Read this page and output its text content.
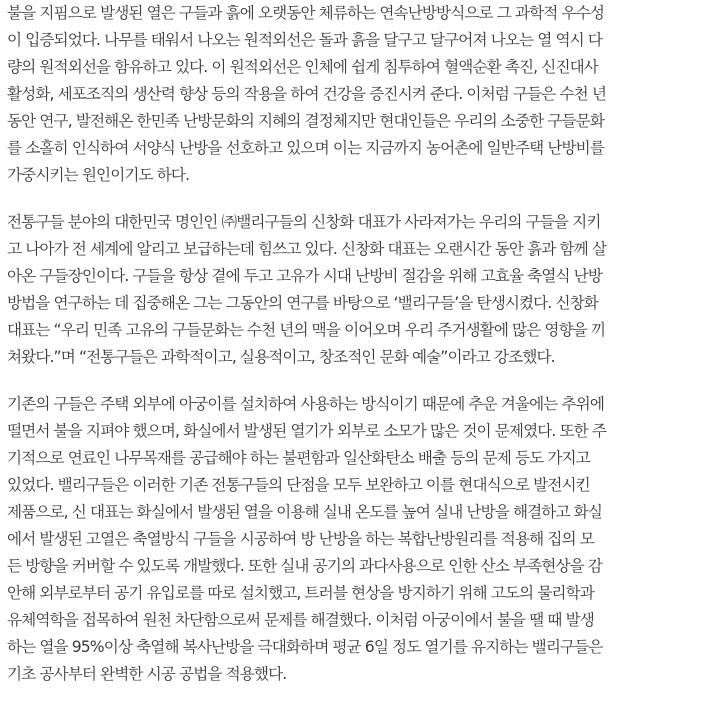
불을 지핌으로 발생된 열은 구들과 흙에 오랫동안 체류하는 연속난방방식으로 그 과학적 우수성
이 입증되었다. 나무를 태워서 나오는 원적외선은 돌과 흙을 달구고 달구어져 나오는 열 역시 다
량의 원적외선을 함유하고 있다. 이 원적외선은 인체에 쉽게 침투하여 혈액순환 촉진, 신진대사
활성화, 세포조직의 생산력 향상 등의 작용을 하여 건강을 증진시켜 준다. 이처럼 구들은 수천 년
동안 연구, 발전해온 한민족 난방문화의 지혜의 결정체지만 현대인들은 우리의 소중한 구들문화
를 소홀히 인식하여 서양식 난방을 선호하고 있으며 이는 지금까지 농어촌에 일반주택 난방비를
가중시키는 원인이기도 하다.
전통구들 분야의 대한민국 명인인 ㈜밸리구들의 신창화 대표가 사라져가는 우리의 구들을 지키
고 나아가 전 세계에 알리고 보급하는데 힘쓰고 있다. 신창화 대표는 오랜시간 동안 흙과 함께 살
아온 구들장인이다. 구들을 항상 곁에 두고 고유가 시대 난방비 절감을 위해 고효율 축열식 난방
방법을 연구하는 데 집중해온 그는 그동안의 연구를 바탕으로 ‘밸리구들’을 탄생시켰다. 신창화
대표는 “우리 민족 고유의 구들문화는 수천 년의 맥을 이어오며 우리 주거생활에 많은 영향을 끼
쳐왔다.”며 “전통구들은 과학적이고, 실용적이고, 창조적인 문화 예술”이라고 강조했다.
기존의 구들은 주택 외부에 아궁이를 설치하여 사용하는 방식이기 때문에 추운 겨울에는 추위에
떨면서 불을 지펴야 했으며, 화실에서 발생된 열기가 외부로 소모가 많은 것이 문제였다. 또한 주
기적으로 연료인 나무목재를 공급해야 하는 불편함과 일산화탄소 배출 등의 문제 등도 가지고
있었다. 밸리구들은 이러한 기존 전통구들의 단점을 모두 보완하고 이를 현대식으로 발전시킨
제품으로, 신 대표는 화실에서 발생된 열을 이용해 실내 온도를 높여 실내 난방을 해결하고 화실
에서 발생된 고열은 축열방식 구들을 시공하여 방 난방을 하는 복합난방원리를 적용해 집의 모
든 방향을 커버할 수 있도록 개발했다. 또한 실내 공기의 과다사용으로 인한 산소 부족현상을 감
안해 외부로부터 공기 유입로를 따로 설치했고, 트러블 현상을 방지하기 위해 고도의 물리학과
유체역학을 접목하여 원천 차단함으로써 문제를 해결했다. 이처럼 아궁이에서 불을 땔 때 발생
하는 열을 95%이상 축열해 복사난방을 극대화하며 평균 6일 정도 열기를 유지하는 밸리구들은
기초 공사부터 완벽한 시공 공법을 적용했다.
